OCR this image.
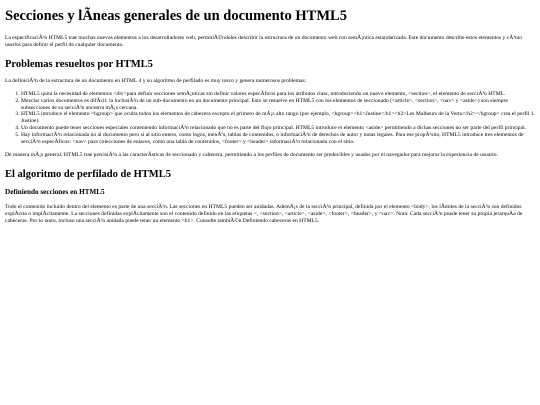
Secciones y lÃneas generales de un documento HTML5

La especificaciÃ³n HTML5 trae muchas nuevos elementos a los desarrolladores web, permitiÃ©ndoles describir la estructura de un documento web con semÃ¡ntica estandarizada. Este documento describe estos elementos y cÃ³mo usarlos para definir el perfil de cualquier documento.

Problemas resueltos por HTML5

La definiciÃ³n de la estructura de un documento en HTML 4 y su algoritmo de perfilado es muy tosco y genera numerosos problemas:

1. HTML5 quita la necesidad de elementos <div>para definir secciones semÃ¡nticas sin definir valores especÃficos para los atributos class, introduciendo un nuevo elemento, <section>, el elemento de secciÃ³n HTML.
2. Mezclar varios documentos es difÃcil: la inclusiÃ³n de un sub-documento en un documento principal. Esto se resuelve en HTML5 con los elementos de seccionado (<article>, <section>, <nav> y <aside>) son siempre subsecciones de su secciÃ³n ancestra mÃ¡s cercana.
3. HTML5 introduce el elemento <hgroup> que oculta todos los elementos de cabecera excepto el primero de mÃ¡s alto rango (por ejemplo, <hgroup><h1>Justine</h1><h2>Les Malheurs de la Vertu</h2></hgroup> crea el perfil 1. Justine).
4. Un documento puede tener secciones especiales conteniendo informaciÃ³n relacionado que no es parte del flujo principal. HTML5 introduce el elemento <aside> permitiendo a dichas secciones no ser parte del perfil principal.
5. Hay informaciÃ³n relacionada no al documento pero si al sitio entero, como logos, menÃºs, tablas de contenidos, o informaciÃ³n de derechos de autor y notas legales. Para ese propÃ³sito, HTML5 introduce tres elementos de secciÃ³n especÃficos: <nav> para colecciones de enlaces, como una tabla de contenidos, <footer> y <header> informaciÃ³n relacionada con el sitio.

De manera mÃ¡s general, HTML5 trae precisiÃ³n a las caracterÃsticas de seccionado y cabecera, permitiendo a los perfiles de documento ser predecibles y usados por el navegador para mejorar la experiencia de usuario.

El algoritmo de perfilado de HTML5
Definiendo secciones en HTML5

Todo el contenido incluido dentro del elemento es parte de una secciÃ³n. Las secciones en HTML5 pueden ser anidadas. AdemÃ¡s de la secciÃ³n principal, definida por el elemento <body>, los lÃmites de la secciÃ³n son definidos explÃcita o implÃcitamente. La secciones definidas explÃcitamente son el contenido definido en las etiquetas <, <section>, <article>, <aside>, <footer>, <header>, y <nav>. Nota: Cada secciÃ³n puede tener su propia jerarquÃa de cabeceras. Por lo tanto, incluso una secciÃ³n anidada puede tener un elemento <h1>. Consulte tambiÃ©n Definiendo cabeceras en HTML5.
